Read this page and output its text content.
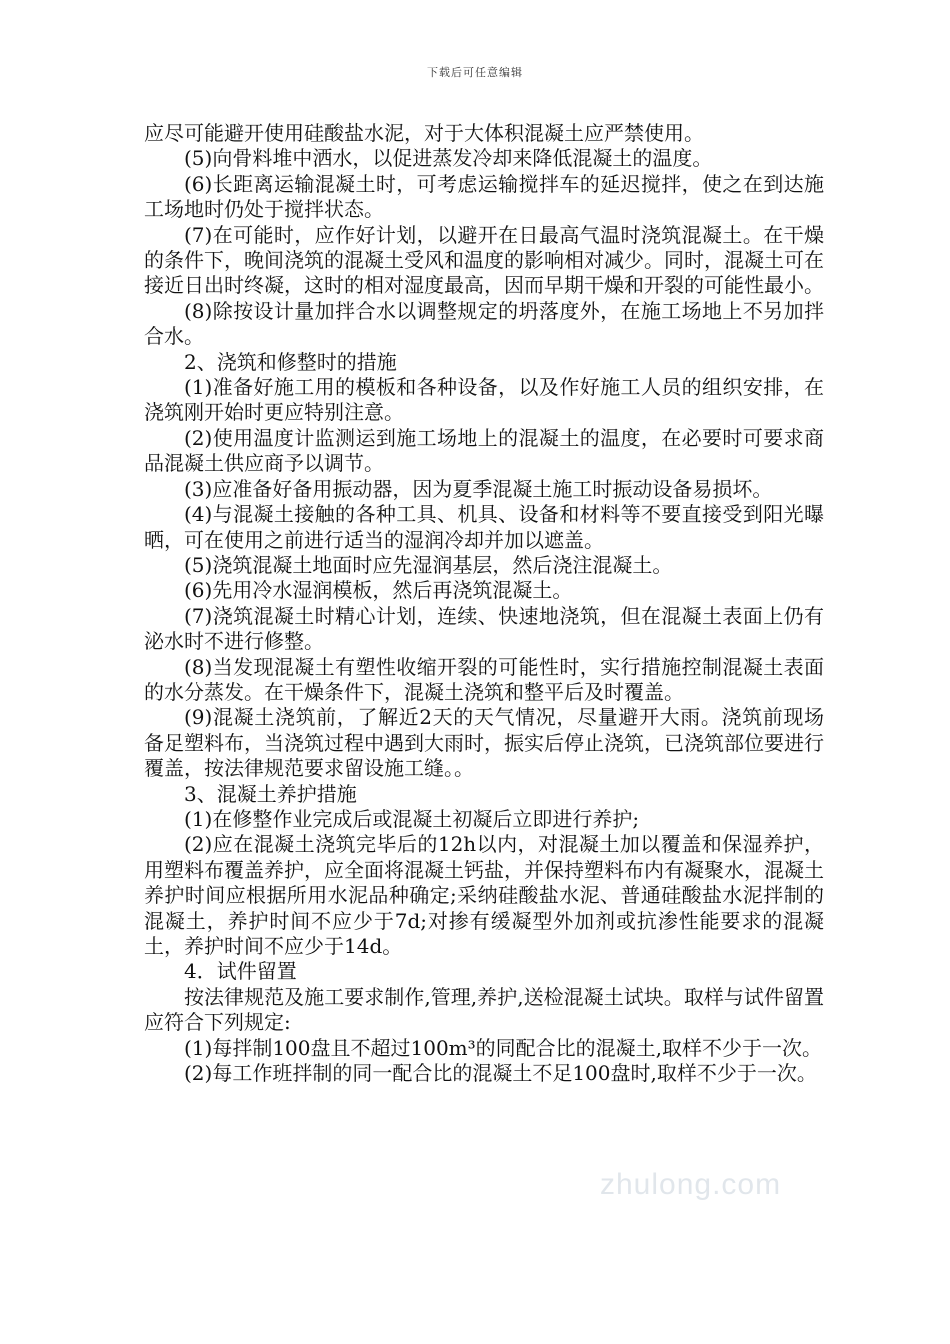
下载后可任意编辑

应尽可能避开使用硅酸盐水泥，对于大体积混凝土应严禁使用。

(5)向骨料堆中洒水，以促进蒸发冷却来降低混凝土的温度。

(6)长距离运输混凝土时，可考虑运输搅拌车的延迟搅拌，使之在到达施工场地时仍处于搅拌状态。

(7)在可能时，应作好计划，以避开在日最高气温时浇筑混凝土。在干燥的条件下，晚间浇筑的混凝土受风和温度的影响相对减少。同时，混凝土可在接近日出时终凝，这时的相对湿度最高，因而早期干燥和开裂的可能性最小。

(8)除按设计量加拌合水以调整规定的坍落度外，在施工场地上不另加拌合水。

2、浇筑和修整时的措施

(1)准备好施工用的模板和各种设备，以及作好施工人员的组织安排，在浇筑刚开始时更应特别注意。

(2)使用温度计监测运到施工场地上的混凝土的温度，在必要时可要求商品混凝土供应商予以调节。

(3)应准备好备用振动器，因为夏季混凝土施工时振动设备易损坏。

(4)与混凝土接触的各种工具、机具、设备和材料等不要直接受到阳光曝晒，可在使用之前进行适当的湿润冷却并加以遮盖。

(5)浇筑混凝土地面时应先湿润基层，然后浇注混凝土。

(6)先用冷水湿润模板，然后再浇筑混凝土。

(7)浇筑混凝土时精心计划，连续、快速地浇筑，但在混凝土表面上仍有泌水时不进行修整。

(8)当发现混凝土有塑性收缩开裂的可能性时，实行措施控制混凝土表面的水分蒸发。在干燥条件下，混凝土浇筑和整平后及时覆盖。

(9)混凝土浇筑前，了解近2天的天气情况，尽量避开大雨。浇筑前现场备足塑料布，当浇筑过程中遇到大雨时，振实后停止浇筑，已浇筑部位要进行覆盖，按法律规范要求留设施工缝。。

3、混凝土养护措施

(1)在修整作业完成后或混凝土初凝后立即进行养护;

(2)应在混凝土浇筑完毕后的12h以内，对混凝土加以覆盖和保湿养护，用塑料布覆盖养护，应全面将混凝土钙盐，并保持塑料布内有凝聚水，混凝土养护时间应根据所用水泥品种确定;采纳硅酸盐水泥、普通硅酸盐水泥拌制的混凝土，养护时间不应少于7d;对掺有缓凝型外加剂或抗渗性能要求的混凝土，养护时间不应少于14d。

4．试件留置

按法律规范及施工要求制作,管理,养护,送检混凝土试块。取样与试件留置应符合下列规定:

(1)每拌制100盘且不超过100m³的同配合比的混凝土,取样不少于一次。

(2)每工作班拌制的同一配合比的混凝土不足100盘时,取样不少于一次。

zhulong.com
